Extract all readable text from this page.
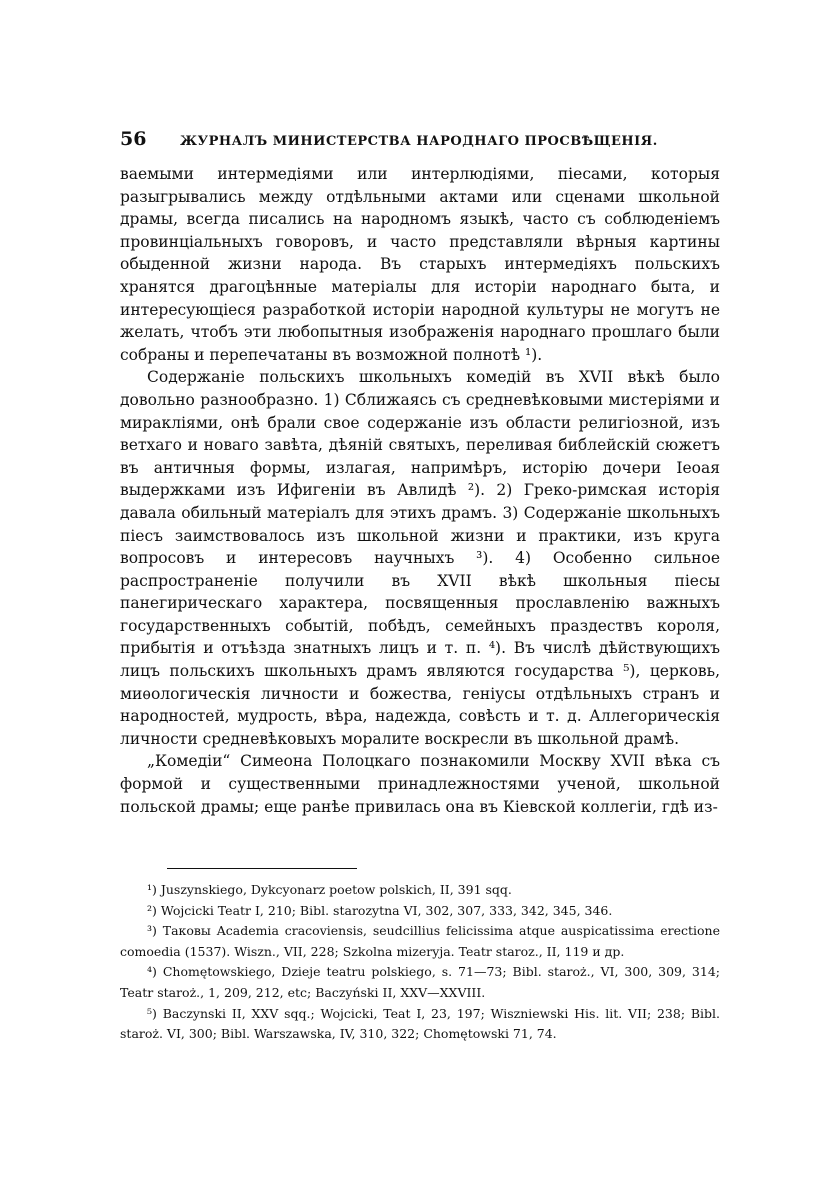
56	ЖУРНАЛЪ МИНИСТЕРСТВА НАРОДНАГО ПРОСВѢЩЕНІЯ.

ваемыми интермедіями или интерлюдіями, піесами, которыя разыгрывались между отдѣльными актами или сценами школьной драмы, всегда писались на народномъ языкѣ, часто съ соблюденіемъ провинціальныхъ говоровъ, и часто представляли вѣрныя картины обыденной жизни народа. Въ старыхъ интермедіяхъ польскихъ хранятся драгоцѣнные матеріалы для исторіи народнаго быта, и интересующіеся разработкой исторіи народной культуры не могутъ не желать, чтобъ эти любопытныя изображенія народнаго прошлаго были собраны и перепечатаны въ возможной полнотѣ ¹).

Содержаніе польскихъ школьныхъ комедій въ XVII вѣкѣ было довольно разнообразно. 1) Сближаясь съ средневѣковыми мистеріями и миракліями, онѣ брали свое содержаніе изъ области религіозной, изъ ветхаго и новаго завѣта, дѣяній святыхъ, переливая библейскій сюжетъ въ античныя формы, излагая, напримѣръ, исторію дочери Іеоая выдержками изъ Ифигеніи въ Авлидѣ ²). 2) Греко-римская исторія давала обильный матеріалъ для этихъ драмъ. 3) Содержаніе школьныхъ піесъ заимствовалось изъ школьной жизни и практики, изъ круга вопросовъ и интересовъ научныхъ ³). 4) Особенно сильное распространеніе получили въ XVII вѣкѣ школьныя піесы панегирическаго характера, посвященныя прославленію важныхъ государственныхъ событій, побѣдъ, семейныхъ праздествъ короля, прибытія и отъѣзда знатныхъ лицъ и т. п. ⁴). Въ числѣ дѣйствующихъ лицъ польскихъ школьныхъ драмъ являются государства ⁵), церковь, миѳологическія личности и божества, геніусы отдѣльныхъ странъ и народностей, мудрость, вѣра, надежда, совѣсть и т. д. Аллегорическія личности средневѣковыхъ моралите воскресли въ школьной драмѣ.

„Комедіи“ Симеона Полоцкаго познакомили Москву XVII вѣка съ формой и существенными принадлежностями ученой, школьной польской драмы; еще ранѣе привилась она въ Кіевской коллегіи, гдѣ из-

¹) Juszynskiego, Dykcyonarz poetow polskich, II, 391 sqq.

²) Wojcicki Teatr I, 210; Bibl. starozytna VI, 302, 307, 333, 342, 345, 346.

³) Таковы Academia cracoviensis, seudcillius felicissima atque auspicatissima erectione comoedia (1537). Wiszn., VII, 228; Szkolna mizeryja. Teatr staroz., II, 119 и др.

⁴) Chomętowskiego, Dzieje teatru polskiego, s. 71—73; Bibl. staroż., VI, 300, 309, 314; Teatr staroż., 1, 209, 212, etc; Baczyński II, XXV—XXVIII.

⁵) Baczynski II, XXV sqq.; Wojcicki, Teat I, 23, 197; Wiszniewski His. lit. VII; 238; Bibl. staroż. VI, 300; Bibl. Warszawska, IV, 310, 322; Chomętowski 71, 74.
